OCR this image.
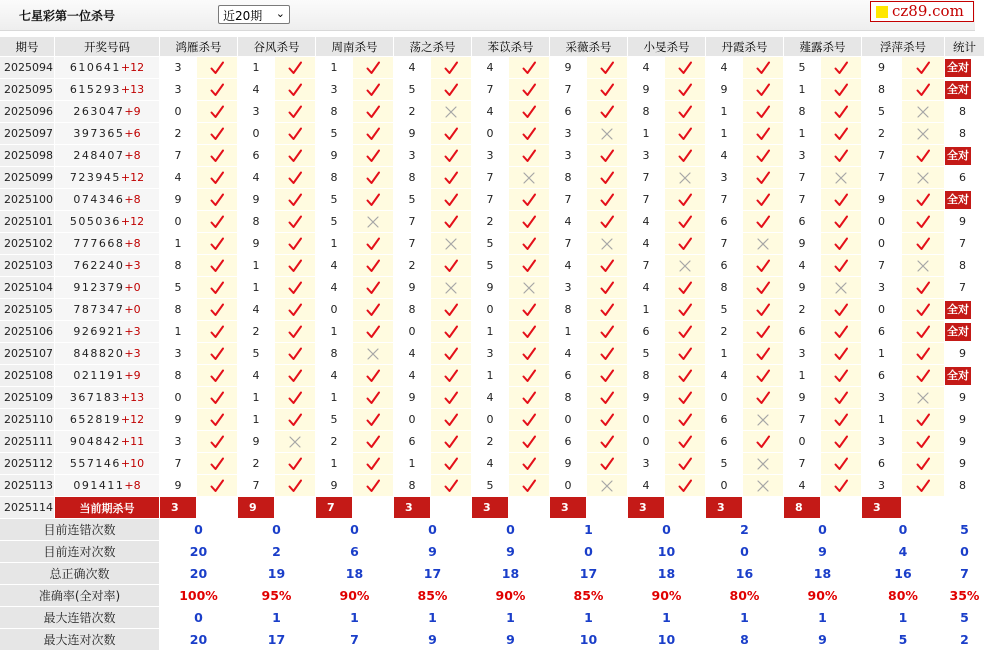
七星彩第一位杀号	近20期 ⌄	cz89.com
期号	开奖号码	鸿雁杀号	谷风杀号	周南杀号	荡之杀号	苯苡杀号	采薇杀号	小旻杀号	丹霞杀号	薤露杀号	浮萍杀号	统计
2025094 610641 +12	3	1	1	4	4	9	4	4	5	9	全对
2025095 615293 +13	3	4	3	5	7	7	9	9	1	8	全对
2025096 263047 +9	0	3	8	2	4	6	8	1	8	5	8
2025097 397365 +6	2	0	5	9	0	3	1	1	1	2	8
2025098 248407 +8	7	6	9	3	3	3	3	4	3	7	全对
2025099 723945 +12	4	4	8	8	7	8	7	3	7	7	6
2025100 074346 +8	9	9	5	5	7	7	7	7	7	9	全对
2025101 505036 +12	0	8	5	7	2	4	4	6	6	0	9
2025102 777668 +8	1	9	1	7	5	7	4	7	9	0	7
2025103 762240 +3	8	1	4	2	5	4	7	6	4	7	8
2025104 912379 +0	5	1	4	9	9	3	4	8	9	3	7
2025105 787347 +0	8	4	0	8	0	8	1	5	2	0	全对
2025106 926921 +3	1	2	1	0	1	1	6	2	6	6	全对
2025107 848820 +3	3	5	8	4	3	4	5	1	3	1	9
2025108 021191 +9	8	4	4	4	1	6	8	4	1	6	全对
2025109 367183 +13	0	1	1	9	4	8	9	0	9	3	9
2025110 652819 +12	9	1	5	0	0	0	0	6	7	1	9
2025111 904842 +11	3	9	2	6	2	6	0	6	0	3	9
2025112 557146 +10	7	2	1	1	4	9	3	5	7	6	9
2025113 091411 +8	9	7	9	8	5	0	4	0	4	3	8
2025114	当前期杀号	3	9	7	3	3	3	3	3	8	3
目前连错次数	0	0	0	0	0	1	0	2	0	0	5
目前连对次数	20	2	6	9	9	0	10	0	9	4	0
总正确次数	20	19	18	17	18	17	18	16	18	16	7
准确率(全对率)	100%	95%	90%	85%	90%	85%	90%	80%	90%	80%	35%
最大连错次数	0	1	1	1	1	1	1	1	1	1	5
最大连对次数	20	17	7	9	9	10	10	8	9	5	2
